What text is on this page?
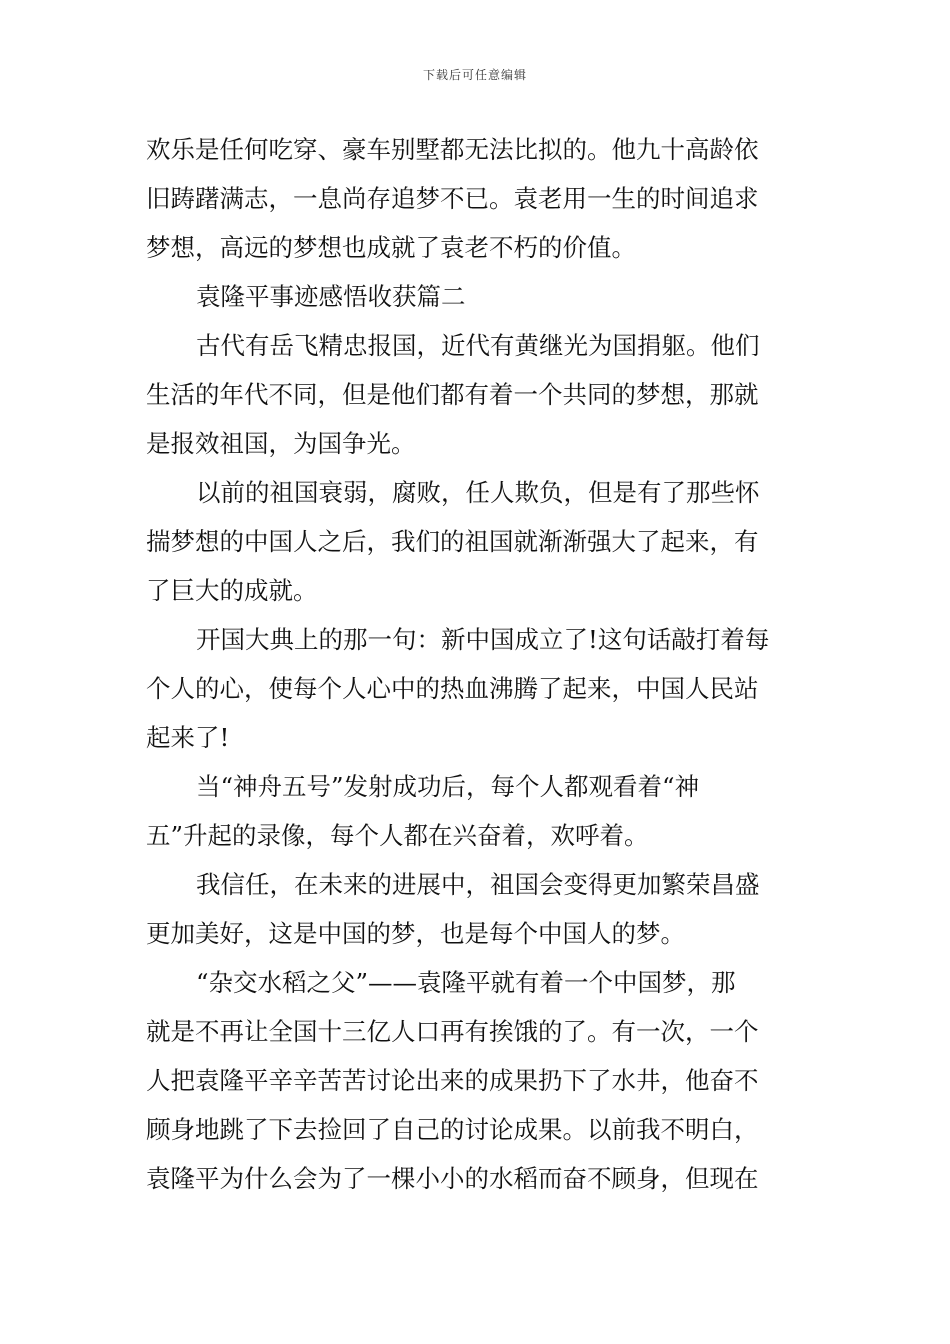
下载后可任意编辑
欢乐是任何吃穿、豪车别墅都无法比拟的。他九十高龄依
旧踌躇满志，一息尚存追梦不已。袁老用一生的时间追求
梦想，高远的梦想也成就了袁老不朽的价值。
袁隆平事迹感悟收获篇二
古代有岳飞精忠报国，近代有黄继光为国捐躯。他们
生活的年代不同，但是他们都有着一个共同的梦想，那就
是报效祖国，为国争光。
以前的祖国衰弱，腐败，任人欺负，但是有了那些怀
揣梦想的中国人之后，我们的祖国就渐渐强大了起来，有
了巨大的成就。
开国大典上的那一句：新中国成立了!这句话敲打着每
个人的心，使每个人心中的热血沸腾了起来，中国人民站
起来了!
当“神舟五号”发射成功后，每个人都观看着“神
五”升起的录像，每个人都在兴奋着，欢呼着。
我信任，在未来的进展中，祖国会变得更加繁荣昌盛
更加美好，这是中国的梦，也是每个中国人的梦。
“杂交水稻之父”——袁隆平就有着一个中国梦，那
就是不再让全国十三亿人口再有挨饿的了。有一次，一个
人把袁隆平辛辛苦苦讨论出来的成果扔下了水井，他奋不
顾身地跳了下去捡回了自己的讨论成果。以前我不明白，
袁隆平为什么会为了一棵小小的水稻而奋不顾身，但现在
